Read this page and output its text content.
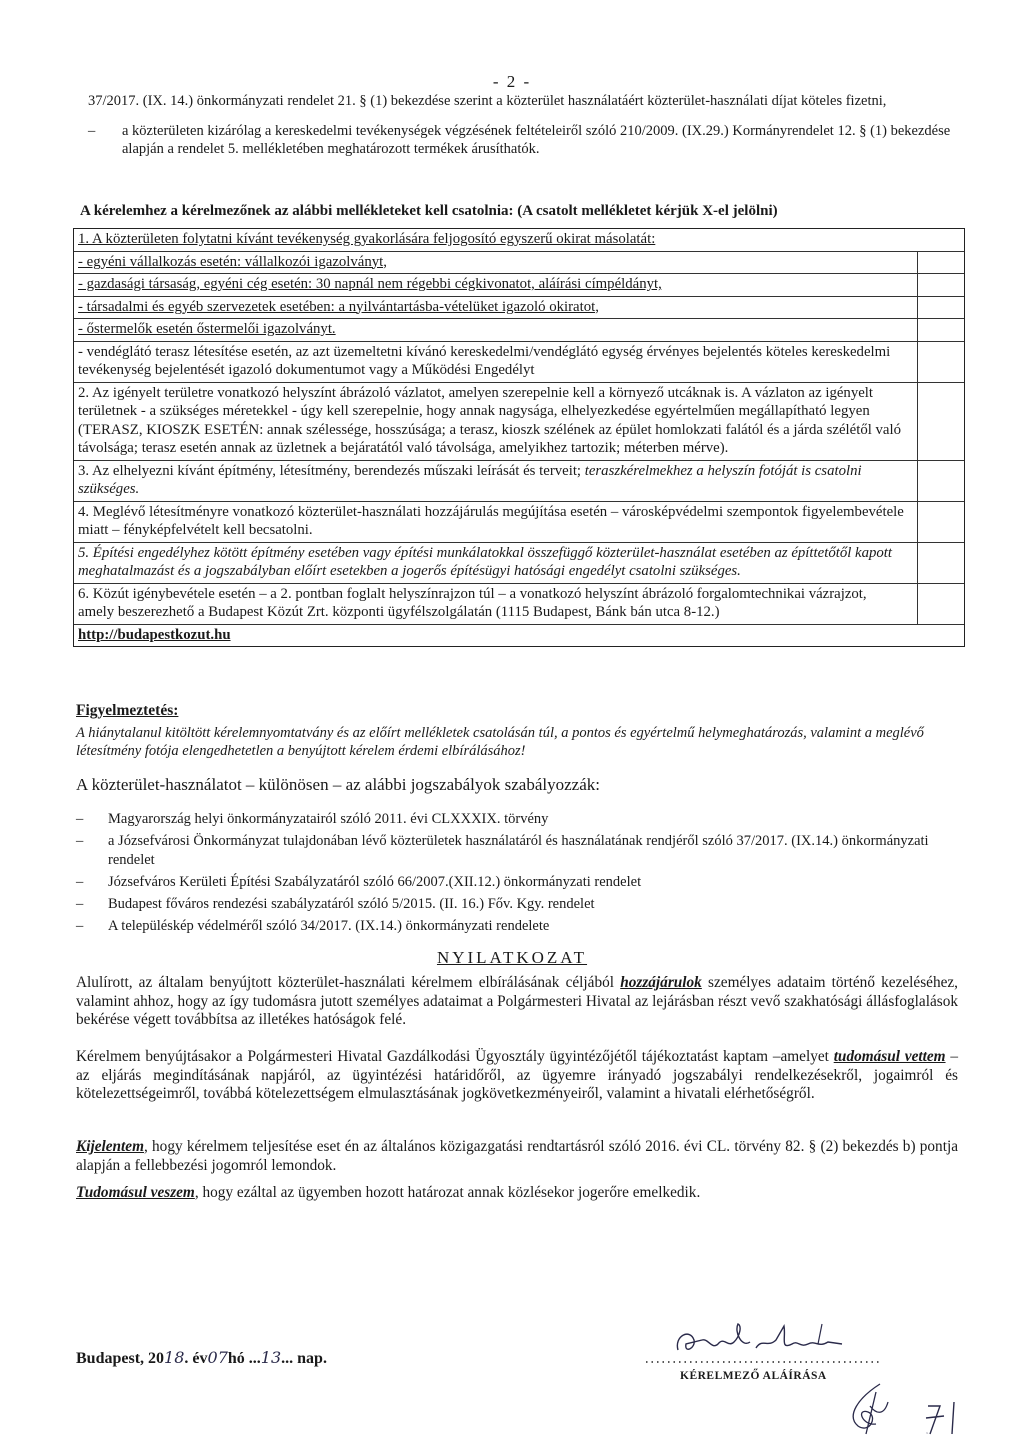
- 2 -

37/2017. (IX. 14.) önkormányzati rendelet 21. § (1) bekezdése szerint a közterület használatáért közterület-használati díjat köteles fizetni,

– a közterületen kizárólag a kereskedelmi tevékenységek végzésének feltételeiről szóló 210/2009. (IX.29.) Kormányrendelet 12. § (1) bekezdése alapján a rendelet 5. mellékletében meghatározott termékek árusíthatók.
A kérelemhez a kérelmezőnek az alábbi mellékleteket kell csatolnia: (A csatolt mellékletet kérjük X-el jelölni)
1. A közterületen folytatni kívánt tevékenység gyakorlására feljogosító egyszerű okirat másolatát:
- egyéni vállalkozás esetén: vállalkozói igazolványt,
- gazdasági társaság, egyéni cég esetén: 30 napnál nem régebbi cégkivonatot, aláírási címpéldányt,
- társadalmi és egyéb szervezetek esetében: a nyilvántartásba-vételüket igazoló okiratot,
- őstermelők esetén őstermelői igazolványt.
- vendéglátó terasz létesítése esetén, az azt üzemeltetni kívánó kereskedelmi/vendéglátó egység érvényes bejelentés köteles kereskedelmi tevékenység bejelentését igazoló dokumentumot vagy a Működési Engedélyt
2. Az igényelt területre vonatkozó helyszínt ábrázoló vázlatot, amelyen szerepelnie kell a környező utcáknak is. A vázlaton az igényelt területnek - a szükséges méretekkel - úgy kell szerepelnie, hogy annak nagysága, elhelyezkedése egyértelműen megállapítható legyen (TERASZ, KIOSZK ESETÉN: annak szélessége, hosszúsága; a terasz, kioszk szélének az épület homlokzati falától és a járda szélétől való távolsága; terasz esetén annak az üzletnek a bejáratától való távolsága, amelyikhez tartozik; méterben mérve).
3. Az elhelyezni kívánt építmény, létesítmény, berendezés műszaki leírását és terveit; teraszkérelmekhez a helyszín fotóját is csatolni szükséges.
4. Meglévő létesítményre vonatkozó közterület-használati hozzájárulás megújítása esetén – városképvédelmi szempontok figyelembevétele miatt – fényképfelvételt kell becsatolni.
5. Építési engedélyhez kötött építmény esetében vagy építési munkálatokkal összefüggő közterület-használat esetében az építtetőtől kapott meghatalmazást és a jogszabályban előírt esetekben a jogerős építésügyi hatósági engedélyt csatolni szükséges.
6. Közút igénybevétele esetén – a 2. pontban foglalt helyszínrajzon túl – a vonatkozó helyszínt ábrázoló forgalomtechnikai vázrajzot, amely beszerezhető a Budapest Közút Zrt. központi ügyfélszolgálatán (1115 Budapest, Bánk bán utca 8-12.)
http://budapestkozut.hu
Figyelmeztetés:
A hiánytalanul kitöltött kérelemnyomtatvány és az előírt mellékletek csatolásán túl, a pontos és egyértelmű helymeghatározás, valamint a meglévő létesítmény fotója elengedhetetlen a benyújtott kérelem érdemi elbírálásához!
A közterület-használatot – különösen – az alábbi jogszabályok szabályozzák:
– Magyarország helyi önkormányzatairól szóló 2011. évi CLXXXIX. törvény
– a Józsefvárosi Önkormányzat tulajdonában lévő közterületek használatáról és használatának rendjéről szóló 37/2017. (IX.14.) önkormányzati rendelet
– Józsefváros Kerületi Építési Szabályzatáról szóló 66/2007.(XII.12.) önkormányzati rendelet
– Budapest főváros rendezési szabályzatáról szóló 5/2015. (II. 16.) Főv. Kgy. rendelet
– A településkép védelméről szóló 34/2017. (IX.14.) önkormányzati rendelete
NYILATKOZAT

Alulírott, az általam benyújtott közterület-használati kérelmem elbírálásának céljából hozzájárulok személyes adataim történő kezeléséhez, valamint ahhoz, hogy az így tudomásra jutott személyes adataimat a Polgármesteri Hivatal az lejárásban részt vevő szakhatósági állásfoglalások bekérése végett továbbítsa az illetékes hatóságok felé.

Kérelmem benyújtásakor a Polgármesteri Hivatal Gazdálkodási Ügyosztály ügyintézőjétől tájékoztatást kaptam –amelyet tudomásul vettem – az eljárás megindításának napjáról, az ügyintézési határidőről, az ügyemre irányadó jogszabályi rendelkezésekről, jogaimról és kötelezettségeimről, továbbá kötelezettségem elmulasztásának jogkövetkezményeiről, valamint a hivatali elérhetőségről.

Kijelentem, hogy kérelmem teljesítése eset én az általános közigazgatási rendtartásról szóló 2016. évi CL. törvény 82. § (2) bekezdés b) pontja alapján a fellebbezési jogomról lemondok.

Tudomásul veszem, hogy ezáltal az ügyemben hozott határozat annak közlésekor jogerőre emelkedik.

Budapest, 2018. év07hó ...13... nap.
KÉRELMEZŐ ALÁÍRÁSA
71
